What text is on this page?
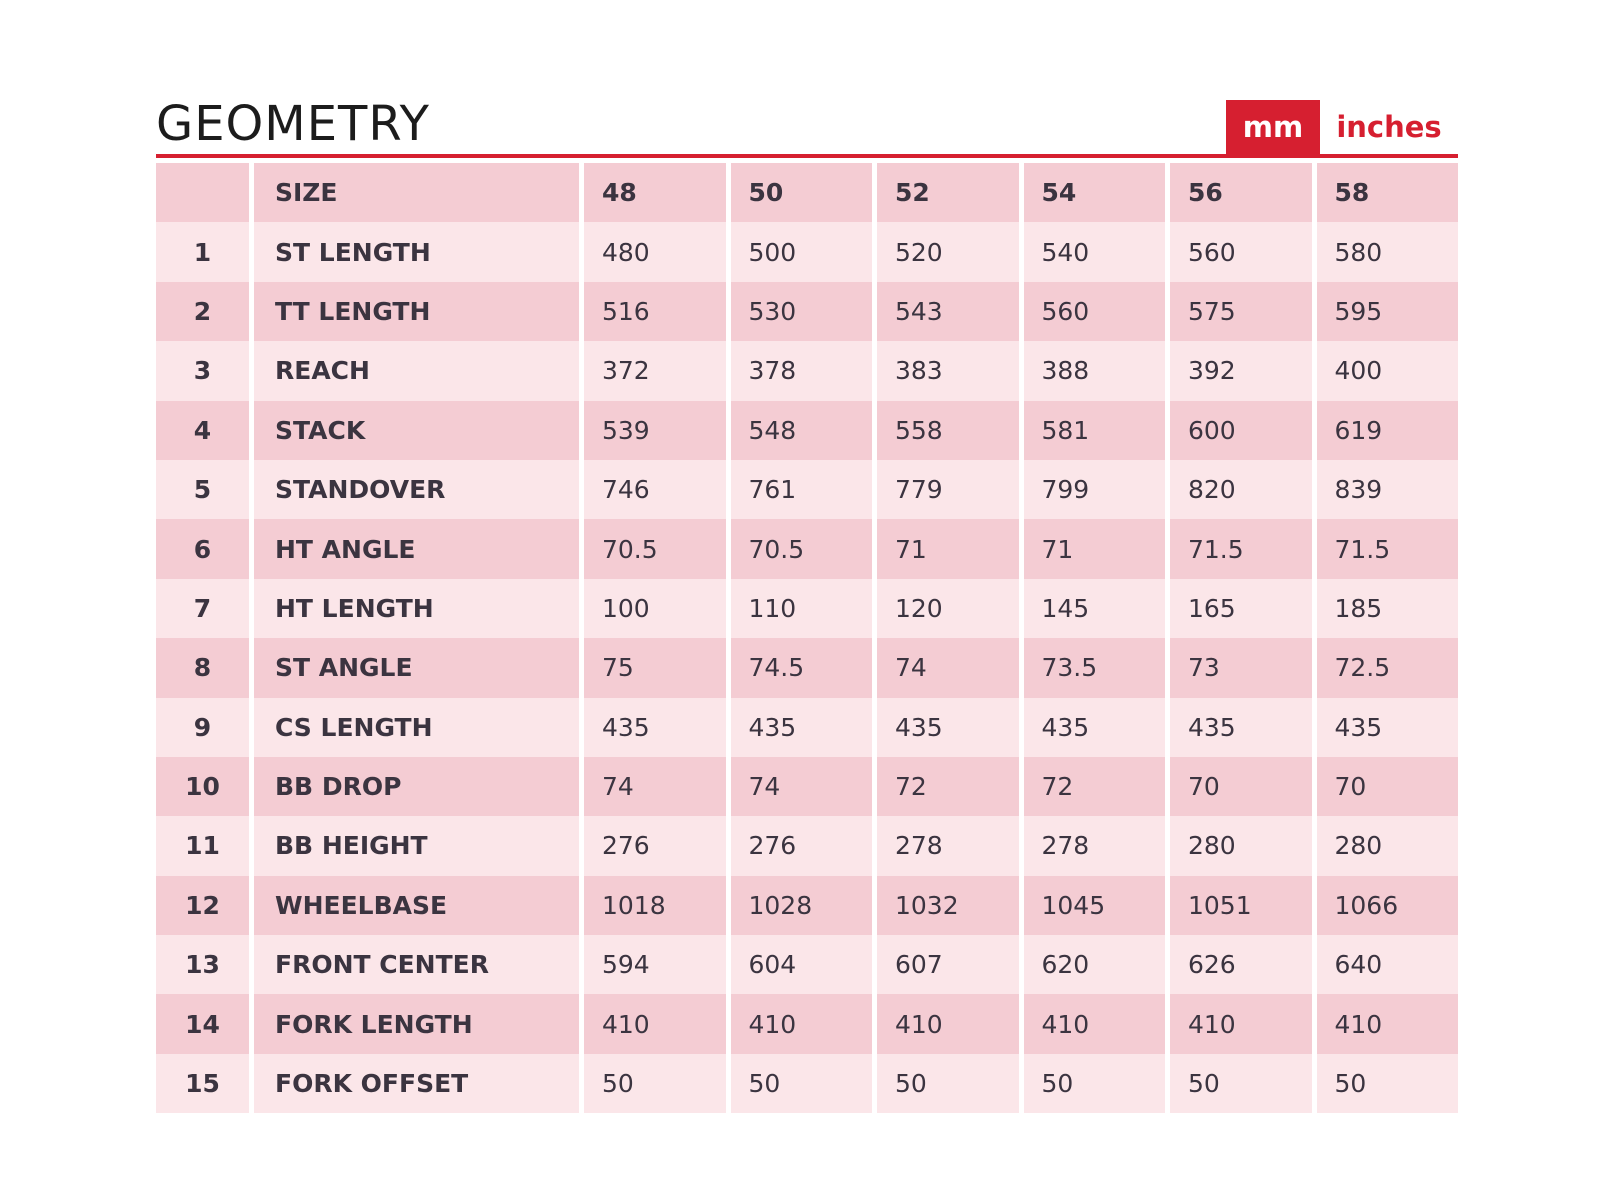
GEOMETRY	mm	inches
	SIZE	48	50	52	54	56	58
1	ST LENGTH	480	500	520	540	560	580
2	TT LENGTH	516	530	543	560	575	595
3	REACH	372	378	383	388	392	400
4	STACK	539	548	558	581	600	619
5	STANDOVER	746	761	779	799	820	839
6	HT ANGLE	70.5	70.5	71	71	71.5	71.5
7	HT LENGTH	100	110	120	145	165	185
8	ST ANGLE	75	74.5	74	73.5	73	72.5
9	CS LENGTH	435	435	435	435	435	435
10	BB DROP	74	74	72	72	70	70
11	BB HEIGHT	276	276	278	278	280	280
12	WHEELBASE	1018	1028	1032	1045	1051	1066
13	FRONT CENTER	594	604	607	620	626	640
14	FORK LENGTH	410	410	410	410	410	410
15	FORK OFFSET	50	50	50	50	50	50
